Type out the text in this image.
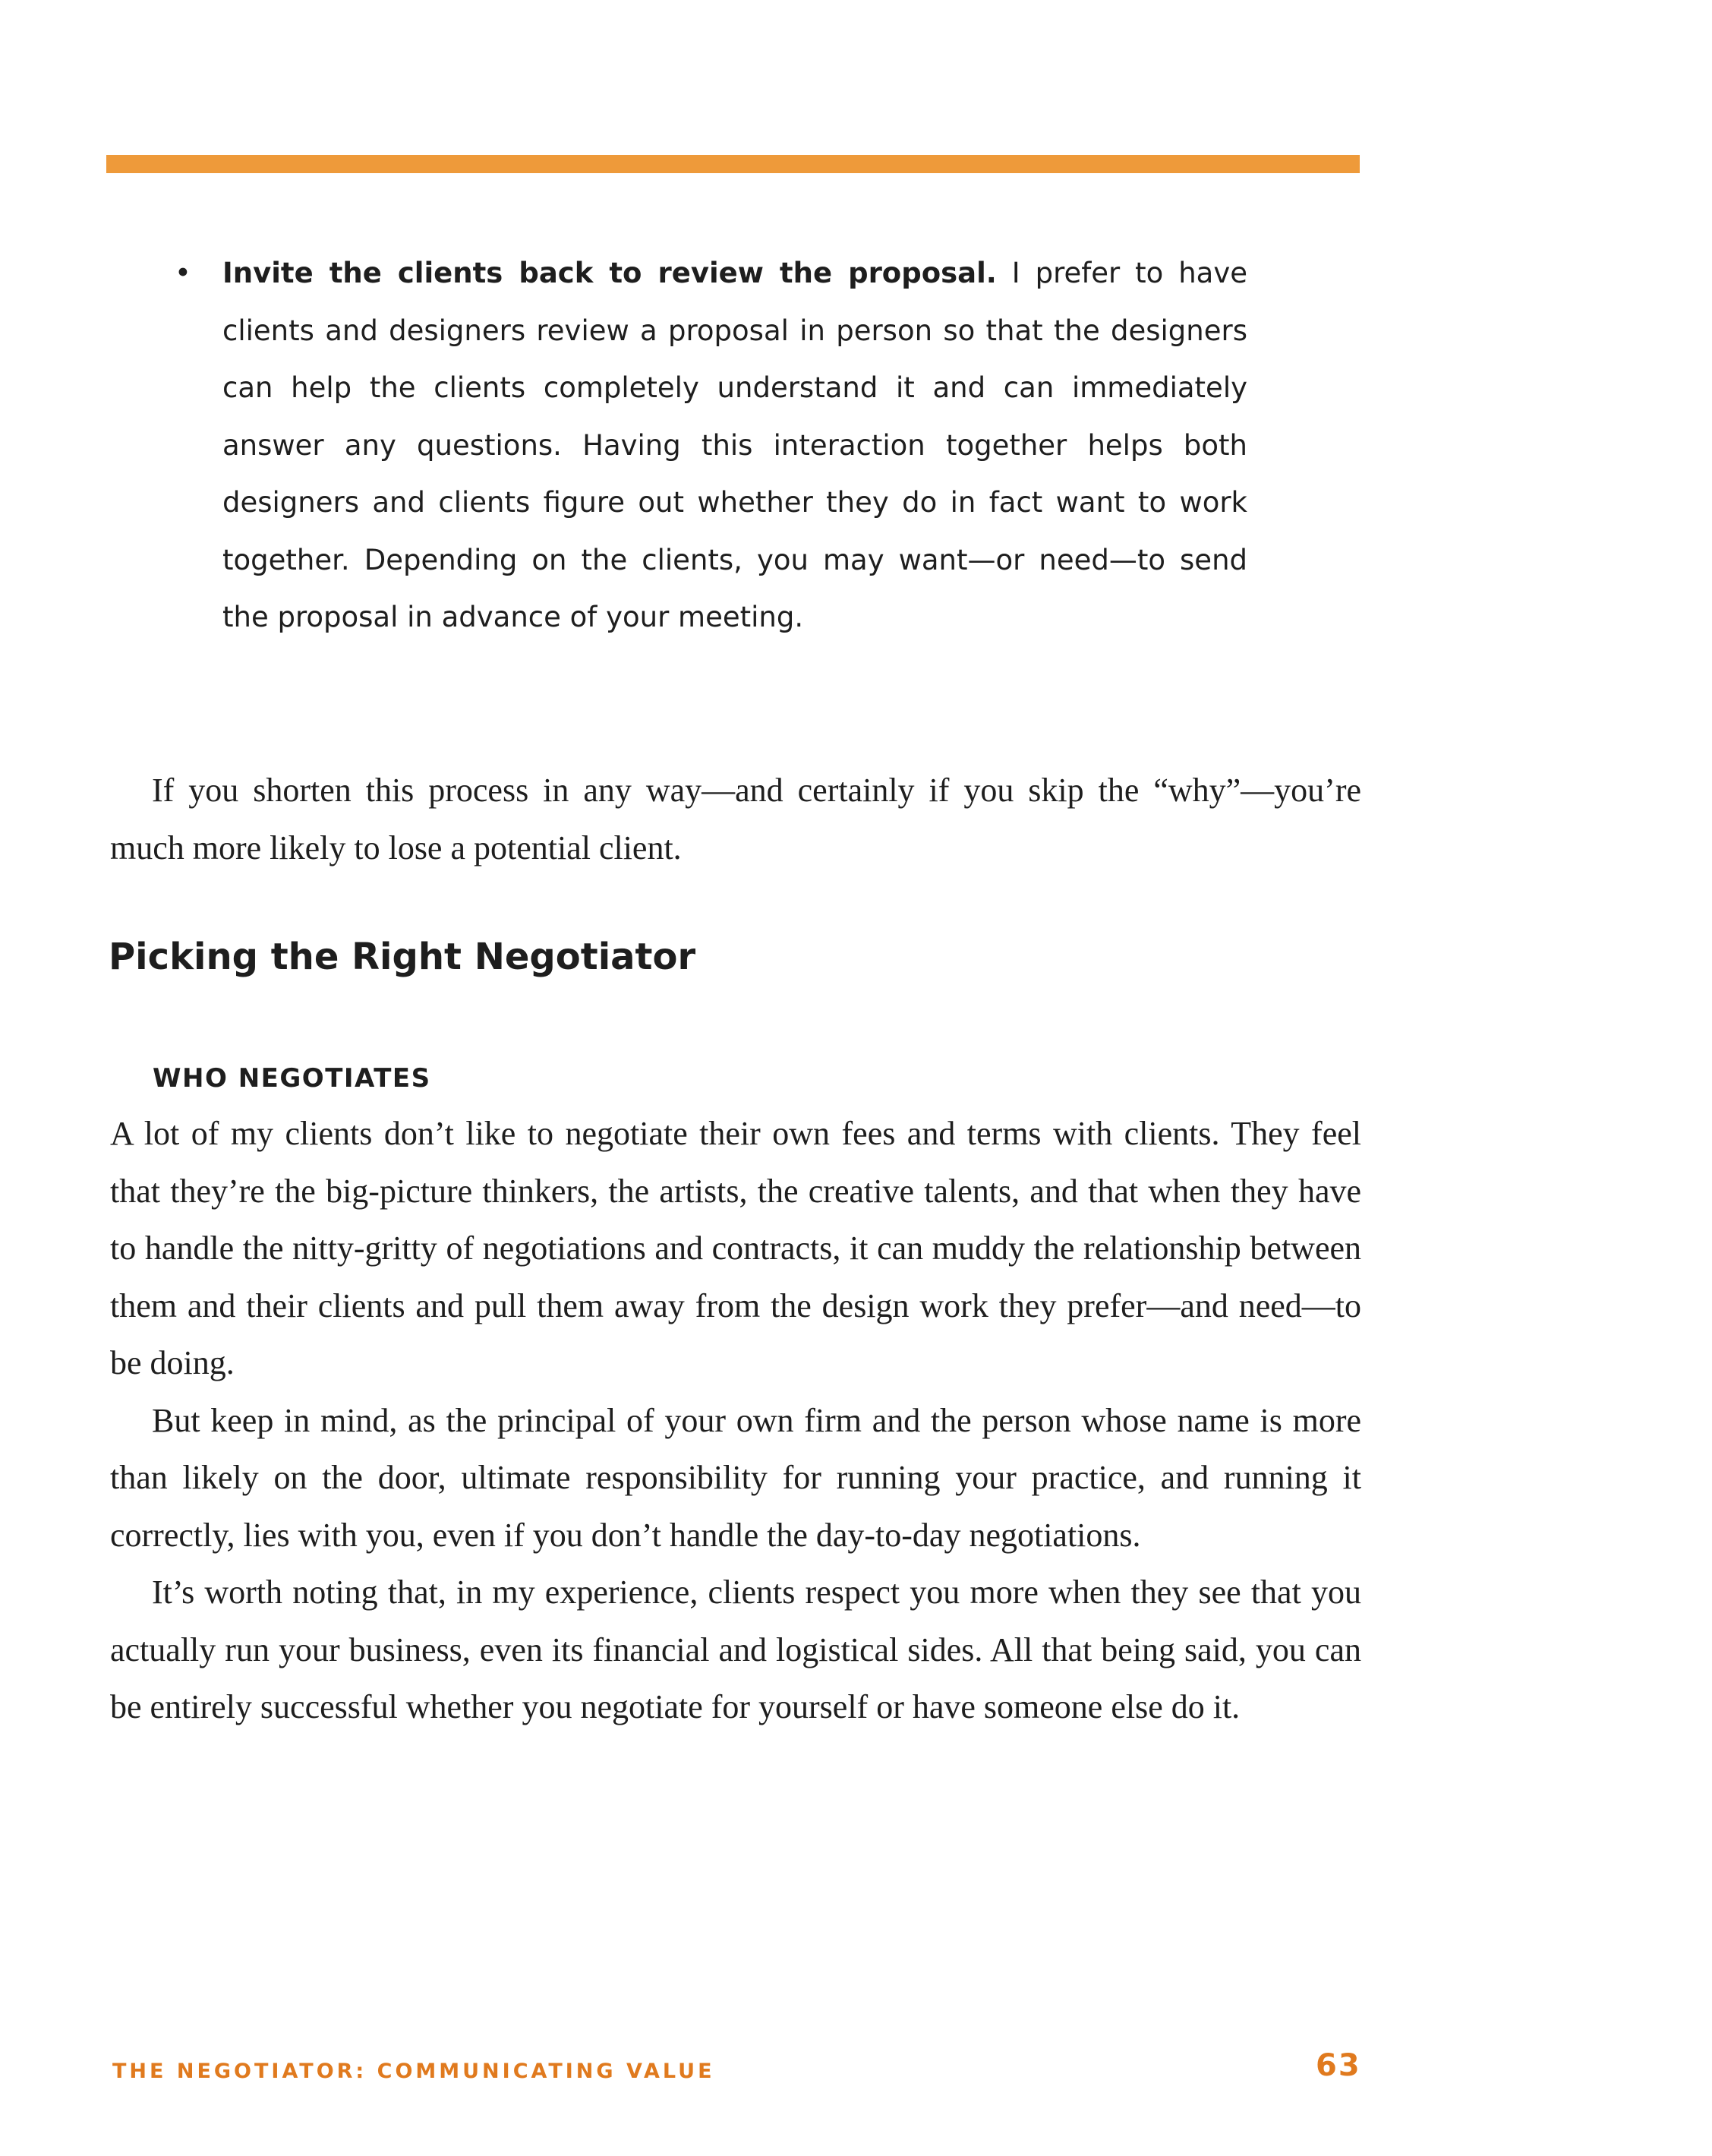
• Invite the clients back to review the proposal. I prefer to have clients and designers review a proposal in person so that the designers can help the clients completely understand it and can immediately answer any questions. Having this interaction together helps both designers and clients figure out whether they do in fact want to work together. Depending on the clients, you may want—or need—to send the proposal in advance of your meeting.

If you shorten this process in any way—and certainly if you skip the “why”—you’re much more likely to lose a potential client.

Picking the Right Negotiator
WHO NEGOTIATES

A lot of my clients don’t like to negotiate their own fees and terms with clients. They feel that they’re the big-picture thinkers, the artists, the creative talents, and that when they have to handle the nitty-gritty of negotiations and contracts, it can muddy the relationship between them and their clients and pull them away from the design work they prefer—and need—to be doing.

But keep in mind, as the principal of your own firm and the person whose name is more than likely on the door, ultimate responsibility for running your practice, and running it correctly, lies with you, even if you don’t handle the day-to-day negotiations.

It’s worth noting that, in my experience, clients respect you more when they see that you actually run your business, even its financial and logistical sides. All that being said, you can be entirely successful whether you negotiate for yourself or have someone else do it.

THE NEGOTIATOR: COMMUNICATING VALUE	63
